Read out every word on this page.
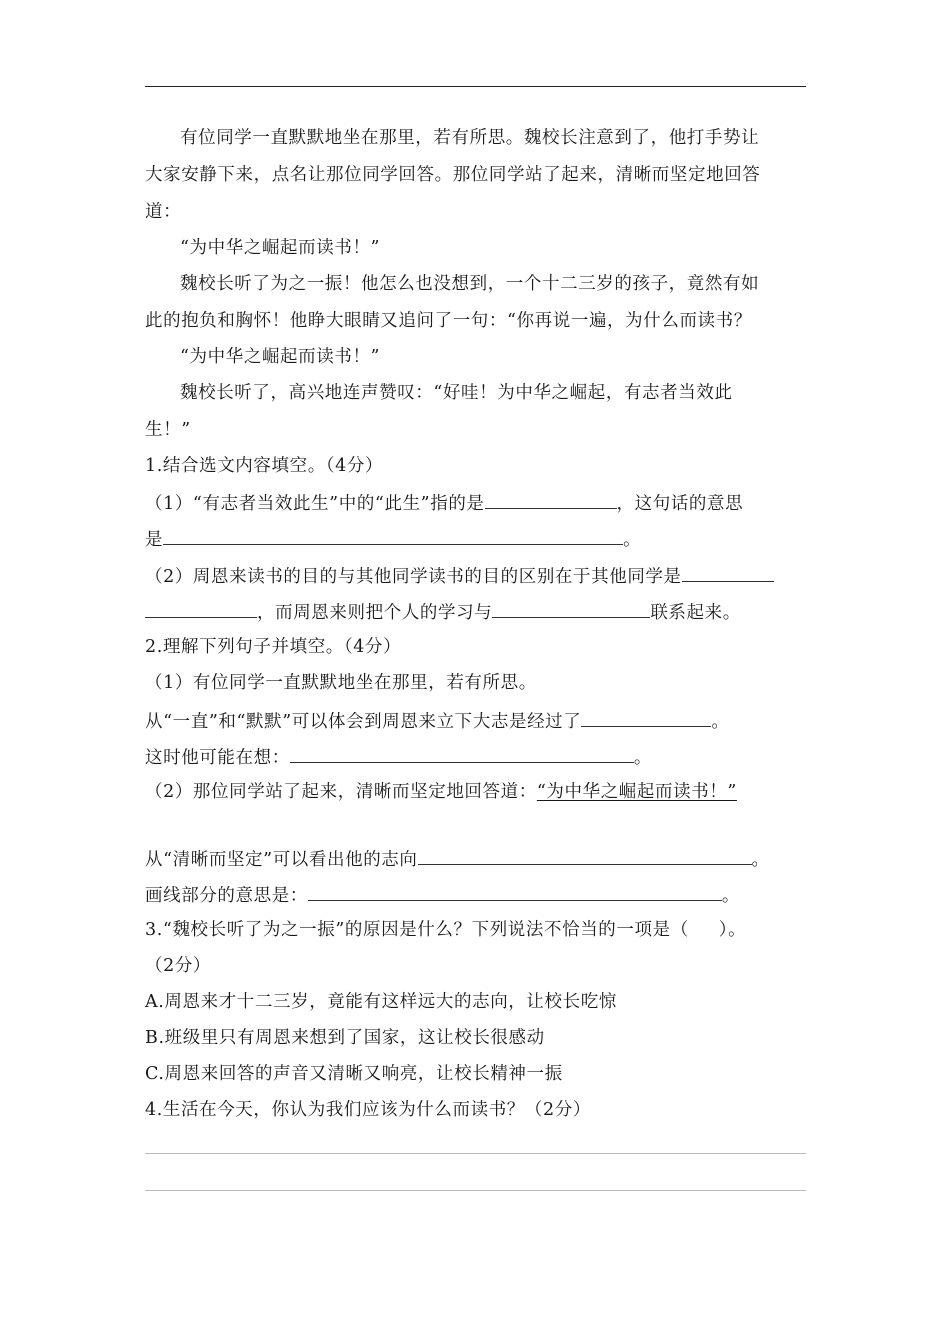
有位同学一直默默地坐在那里，若有所思。魏校长注意到了，他打手势让
大家安静下来，点名让那位同学回答。那位同学站了起来，清晰而坚定地回答
道：
“为中华之崛起而读书！”
魏校长听了为之一振！他怎么也没想到，一个十二三岁的孩子，竟然有如
此的抱负和胸怀！他睁大眼睛又追问了一句：“你再说一遍，为什么而读书？
“为中华之崛起而读书！”
魏校长听了，高兴地连声赞叹：“好哇！为中华之崛起，有志者当效此
生！”
1.结合选文内容填空。（4分）
（1）“有志者当效此生”中的“此生”指的是	，这句话的意思
是	。
（2）周恩来读书的目的与其他同学读书的目的区别在于其他同学是
，而周恩来则把个人的学习与	联系起来。
2.理解下列句子并填空。（4分）
（1）有位同学一直默默地坐在那里，若有所思。
从“一直”和“默默”可以体会到周恩来立下大志是经过了	。
这时他可能在想：	。
（2）那位同学站了起来，清晰而坚定地回答道：“为中华之崛起而读书！”
从“清晰而坚定”可以看出他的志向	。
画线部分的意思是：	。
3.“魏校长听了为之一振”的原因是什么？下列说法不恰当的一项是（ ）。
（2分）
A.周恩来才十二三岁，竟能有这样远大的志向，让校长吃惊
B.班级里只有周恩来想到了国家，这让校长很感动
C.周恩来回答的声音又清晰又响亮，让校长精神一振
4.生活在今天，你认为我们应该为什么而读书？（2分）
